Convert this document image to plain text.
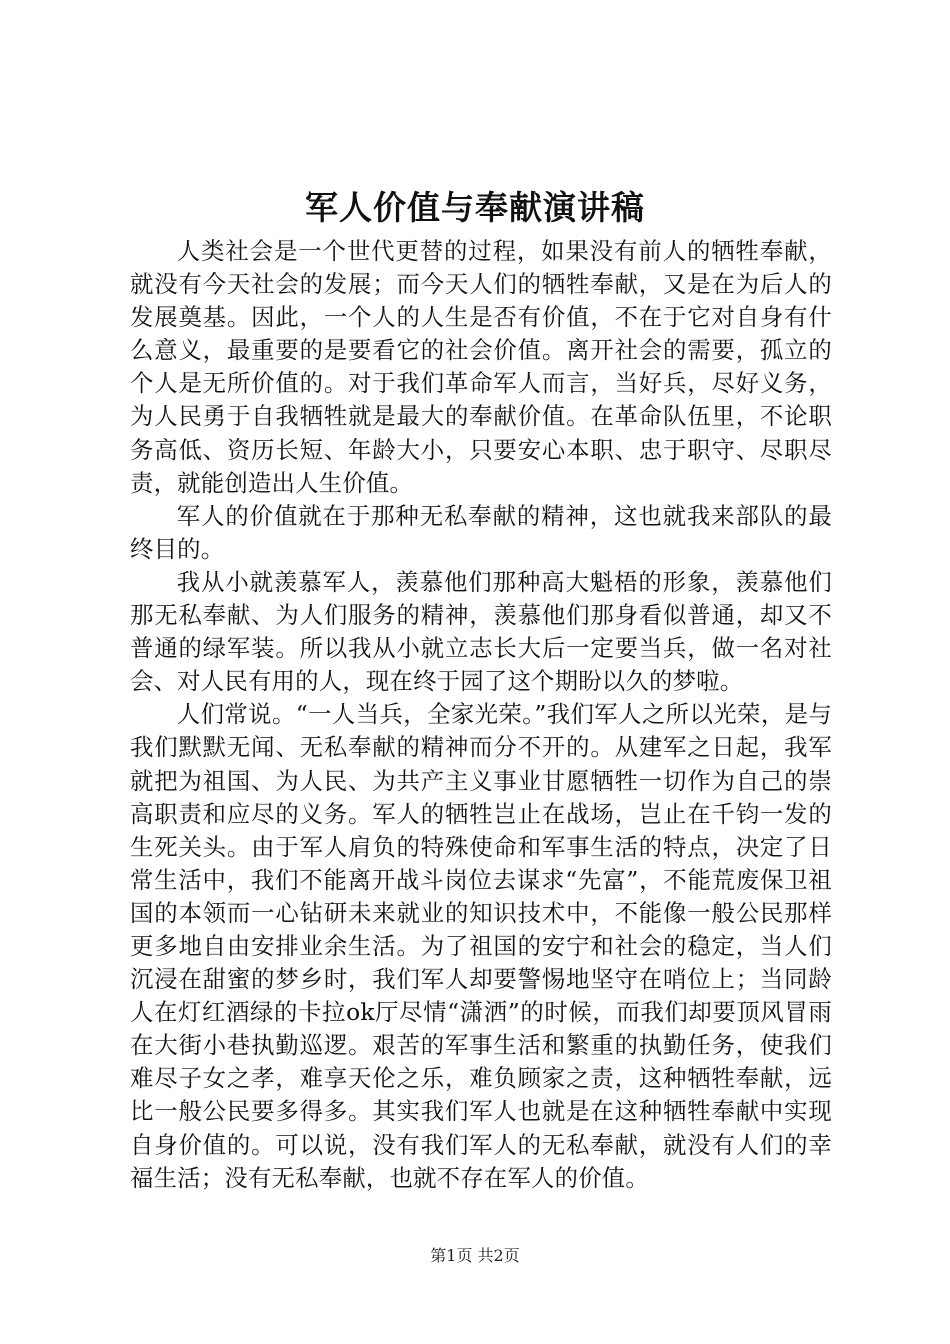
军人价值与奉献演讲稿

人类社会是一个世代更替的过程，如果没有前人的牺牲奉献，就没有今天社会的发展；而今天人们的牺牲奉献，又是在为后人的发展奠基。因此，一个人的人生是否有价值，不在于它对自身有什么意义，最重要的是要看它的社会价值。离开社会的需要，孤立的个人是无所价值的。对于我们革命军人而言，当好兵，尽好义务，为人民勇于自我牺牲就是最大的奉献价值。在革命队伍里，不论职务高低、资历长短、年龄大小，只要安心本职、忠于职守、尽职尽责，就能创造出人生价值。

军人的价值就在于那种无私奉献的精神，这也就我来部队的最终目的。

我从小就羡慕军人，羡慕他们那种高大魁梧的形象，羡慕他们那无私奉献、为人们服务的精神，羡慕他们那身看似普通，却又不普通的绿军装。所以我从小就立志长大后一定要当兵，做一名对社会、对人民有用的人，现在终于园了这个期盼以久的梦啦。

人们常说。“一人当兵，全家光荣。”我们军人之所以光荣，是与我们默默无闻、无私奉献的精神而分不开的。从建军之日起，我军就把为祖国、为人民、为共产主义事业甘愿牺牲一切作为自己的崇高职责和应尽的义务。军人的牺牲岂止在战场，岂止在千钧一发的生死关头。由于军人肩负的特殊使命和军事生活的特点，决定了日常生活中，我们不能离开战斗岗位去谋求“先富”，不能荒废保卫祖国的本领而一心钻研未来就业的知识技术中，不能像一般公民那样更多地自由安排业余生活。为了祖国的安宁和社会的稳定，当人们沉浸在甜蜜的梦乡时，我们军人却要警惕地坚守在哨位上；当同龄人在灯红酒绿的卡拉ok厅尽情“潇洒”的时候，而我们却要顶风冒雨在大街小巷执勤巡逻。艰苦的军事生活和繁重的执勤任务，使我们难尽子女之孝，难享天伦之乐，难负顾家之责，这种牺牲奉献，远比一般公民要多得多。其实我们军人也就是在这种牺牲奉献中实现自身价值的。可以说，没有我们军人的无私奉献，就没有人们的幸福生活；没有无私奉献，也就不存在军人的价值。

第1页 共2页
